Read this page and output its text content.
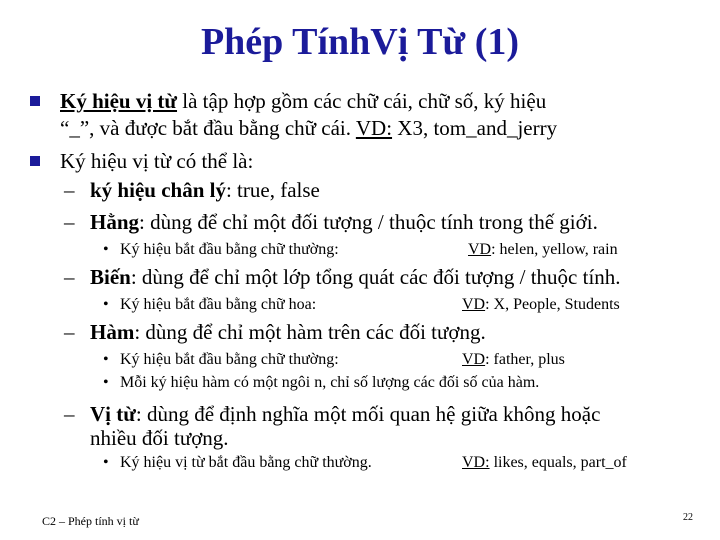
Phép TínhVị Từ (1)
Ký hiệu vị từ là tập hợp gồm các chữ cái, chữ số, ký hiệu
“_”, và được bắt đầu bằng chữ cái. VD: X3, tom_and_jerry
Ký hiệu vị từ có thể là:
– ký hiệu chân lý: true, false
– Hằng: dùng để chỉ một đối tượng / thuộc tính trong thế giới.
• Ký hiệu bắt đầu bằng chữ thường:	VD: helen, yellow, rain
– Biến: dùng để chỉ một lớp tổng quát các đối tượng / thuộc tính.
• Ký hiệu bắt đầu bằng chữ hoa:	VD: X, People, Students
– Hàm: dùng để chỉ một hàm trên các đối tượng.
• Ký hiệu bắt đầu bằng chữ thường:	VD: father, plus
• Mỗi ký hiệu hàm có một ngôi n, chỉ số lượng các đối số của hàm.
– Vị từ: dùng để định nghĩa một mối quan hệ giữa không hoặc
nhiều đối tượng.
• Ký hiệu vị từ bắt đầu bằng chữ thường.	VD: likes, equals, part_of
C2 – Phép tính vị từ	22
